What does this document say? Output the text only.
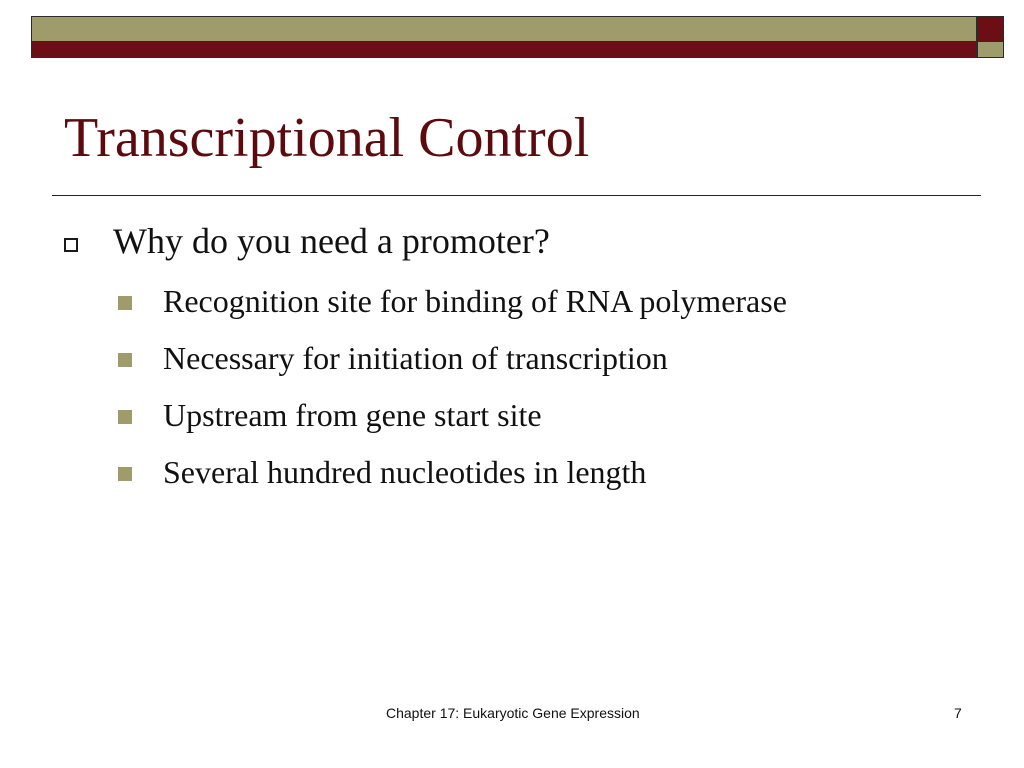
Transcriptional Control
Why do you need a promoter?
Recognition site for binding of RNA polymerase
Necessary for initiation of transcription
Upstream from gene start site
Several hundred nucleotides in length
Chapter 17: Eukaryotic Gene Expression	7
